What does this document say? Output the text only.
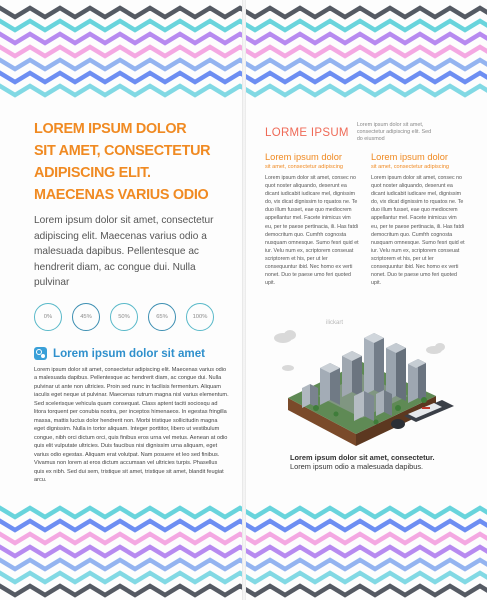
LOREM IPSUM DOLOR
SIT AMET, CONSECTETUR
ADIPISCING ELIT.
MAECENAS VARIUS ODIO

Lorem ipsum dolor sit amet, consectetur adipiscing elit. Maecenas varius odio a malesuada dapibus. Pellentesque ac hendrerit diam, ac congue dui. Nulla pulvinar
0%	45%	50%	65%	100%
Lorem ipsum dolor sit amet
Lorem ipsum dolor sit amet, consectetur adipiscing elit. Maecenas varius odio a malesuada dapibus. Pellentesque ac hendrerit diam, ac congue dui. Nulla pulvinar ut ante non ultricies. Proin sed nunc in facilisis fermentum. Aliquam iaculis eget neque ut pulvinar. Maecenas rutrum magna nisl varius elementum. Sed scelerisque vehicula quam consequat. Class aptent taciti sociosqu ad litora torquent per conubia nostra, per inceptos himenaeos. In egestas fringilla massa, mattis luctus dolor hendrerit non. Morbi tristique sollicitudin magna eget dignissim. Nulla in tortor aliquam. Integer porttitor, libero ut vestibulum congue, nibh orci dictum orci, quis finibus eros urna vel metus. Aenean at odio quis elit vulputate ultricies. Duis faucibus nisi dignissim urna aliquam, eget varius odio egestas. Aliquam erat volutpat. Nam posuere et leo sed finibus. Vivamus non lorem at eros dictum accumsan vel ultricies turpis. Phasellus quis ex nibh. Sed dui sem, tristique sit amet, tristique sit amet, blandit feugiat arcu.
LORME IPSUM
Lorem ipsum dolor sit amet, consectetur adipiscing elit. Sed do eiusmod
Lorem ipsum dolor
sit amet, consectetur adipiscing
Lorem ipsum dolor sit amet, consec no quot noster aliquando, deserunt ea dicant iudicabit iudicare mel, dignissim do, vix dicat dignissim to rquatos ne. Te duo illum fusset, eae quo mediocrem appellantur mel. Facete inimicus vim eu, per te paese pertinacia, ili. Has fatdi democritum quo. Cumfrh cognosta nusquam omnesque. Sumo fesri quid et iur. Velu num ex, scriptorem conseuat scriptorem et his, per ut ler consequuntur ibid. Nec homo ex verti nonet. Duo te paese umo feri quoted upit.
Lorem ipsum dolor
sit amet, consectetur adipiscing
Lorem ipsum dolor sit amet, consec no quot noster aliquando, deserunt ea dicant iudicabit iudicare mel, dignissim do, vix dicat dignissim to rquatos ne. Te duo illum fusset, eae quo mediocrem appellantur mel. Facete inimicus vim eu, per te paese pertinacia, ili. Has fatdi democritum quo. Cumfrh cognosta nusquam omnesque. Sumo fesri quid et iur. Velu num ex, scriptorem conseuat scriptorem et his, per ut ler consequuntur ibid. Nec homo ex verti nonet. Duo te paese umo feri quoted upit.
ilickart
Lorem ipsum dolor sit amet, consectetur.
Lorem ipsum odio a malesuada dapibus.
